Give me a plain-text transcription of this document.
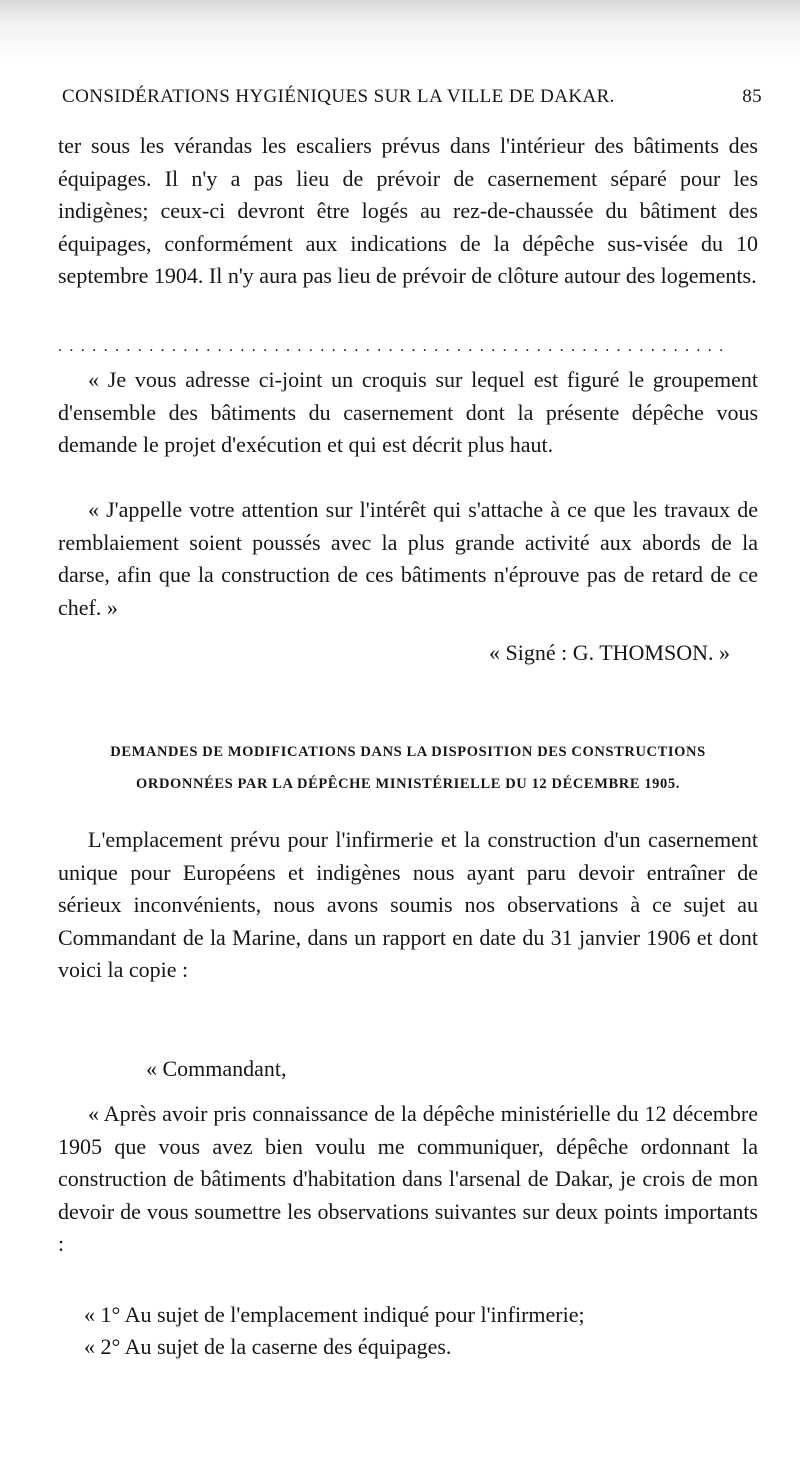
CONSIDÉRATIONS HYGIÉNIQUES SUR LA VILLE DE DAKAR.	85

ter sous les vérandas les escaliers prévus dans l'intérieur des bâtiments des équipages. Il n'y a pas lieu de prévoir de casernement séparé pour les indigènes; ceux-ci devront être logés au rez-de-chaussée du bâtiment des équipages, conformément aux indications de la dépêche sus-visée du 10 septembre 1904. Il n'y aura pas lieu de prévoir de clôture autour des logements.

...........................................................

« Je vous adresse ci-joint un croquis sur lequel est figuré le groupement d'ensemble des bâtiments du casernement dont la présente dépêche vous demande le projet d'exécution et qui est décrit plus haut.

« J'appelle votre attention sur l'intérêt qui s'attache à ce que les travaux de remblaiement soient poussés avec la plus grande activité aux abords de la darse, afin que la construction de ces bâtiments n'éprouve pas de retard de ce chef. »

« Signé : G. THOMSON. »
DEMANDES DE MODIFICATIONS DANS LA DISPOSITION DES CONSTRUCTIONS
ORDONNÉES PAR LA DÉPÊCHE MINISTÉRIELLE DU 12 DÉCEMBRE 1905.

L'emplacement prévu pour l'infirmerie et la construction d'un casernement unique pour Européens et indigènes nous ayant paru devoir entraîner de sérieux inconvénients, nous avons soumis nos observations à ce sujet au Commandant de la Marine, dans un rapport en date du 31 janvier 1906 et dont voici la copie :

« Commandant,

« Après avoir pris connaissance de la dépêche ministérielle du 12 décembre 1905 que vous avez bien voulu me communiquer, dépêche ordonnant la construction de bâtiments d'habitation dans l'arsenal de Dakar, je crois de mon devoir de vous soumettre les observations suivantes sur deux points importants :

« 1° Au sujet de l'emplacement indiqué pour l'infirmerie;
« 2° Au sujet de la caserne des équipages.
